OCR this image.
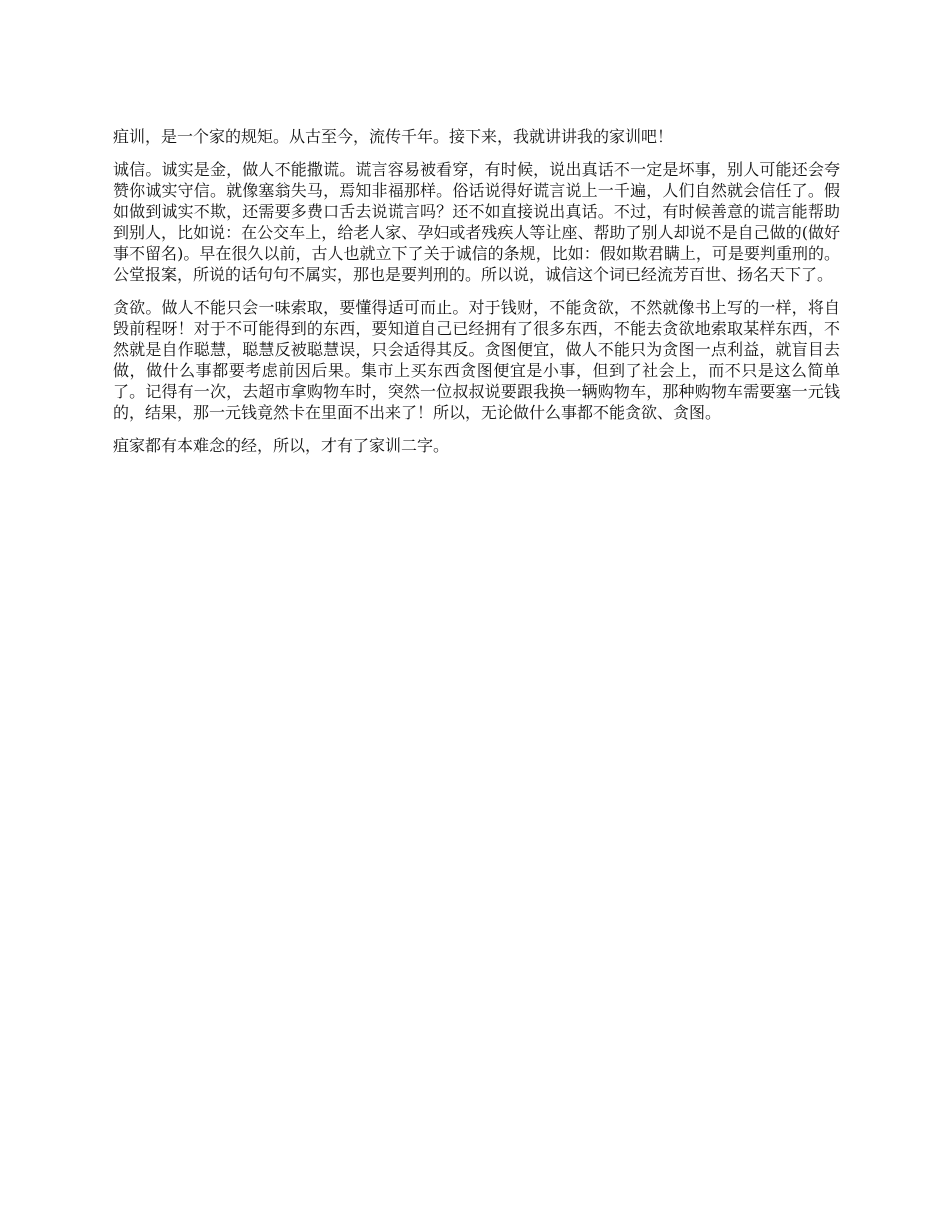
疽训，是一个家的规矩。从古至今，流传千年。接下来，我就讲讲我的家训吧！

诚信。诚实是金，做人不能撒谎。谎言容易被看穿，有时候，说出真话不一定是坏事，别人可能还会夸赞你诚实守信。就像塞翁失马，焉知非福那样。俗话说得好谎言说上一千遍，人们自然就会信任了。假如做到诚实不欺，还需要多费口舌去说谎言吗？还不如直接说出真话。不过，有时候善意的谎言能帮助到别人，比如说：在公交车上，给老人家、孕妇或者残疾人等让座、帮助了别人却说不是自己做的(做好事不留名)。早在很久以前，古人也就立下了关于诚信的条规，比如：假如欺君瞒上，可是要判重刑的。公堂报案，所说的话句句不属实，那也是要判刑的。所以说，诚信这个词已经流芳百世、扬名天下了。

贪欲。做人不能只会一味索取，要懂得适可而止。对于钱财，不能贪欲，不然就像书上写的一样，将自毁前程呀！对于不可能得到的东西，要知道自己已经拥有了很多东西，不能去贪欲地索取某样东西，不然就是自作聪慧，聪慧反被聪慧误，只会适得其反。贪图便宜，做人不能只为贪图一点利益，就盲目去做，做什么事都要考虑前因后果。集市上买东西贪图便宜是小事，但到了社会上，而不只是这么简单了。记得有一次，去超市拿购物车时，突然一位叔叔说要跟我换一辆购物车，那种购物车需要塞一元钱的，结果，那一元钱竟然卡在里面不出来了！所以，无论做什么事都不能贪欲、贪图。

疽家都有本难念的经，所以，才有了家训二字。
